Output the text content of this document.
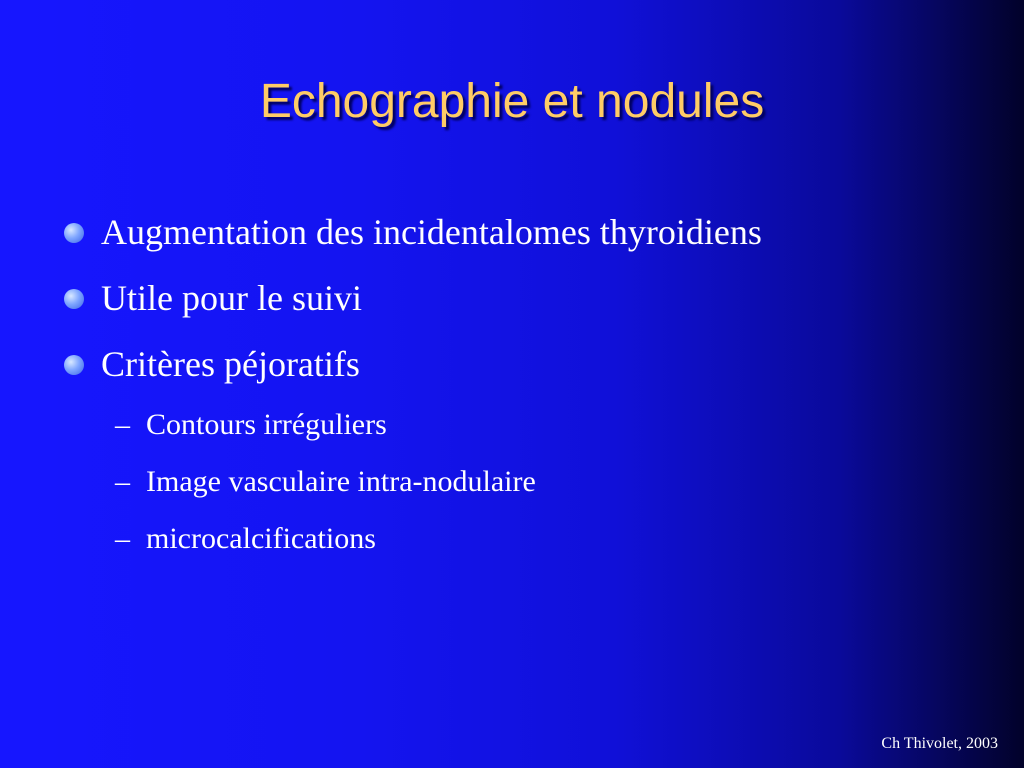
Echographie et nodules
Augmentation des incidentalomes thyroidiens
Utile pour le suivi
Critères péjoratifs
– Contours irréguliers
– Image vasculaire intra-nodulaire
– microcalcifications
Ch Thivolet, 2003
